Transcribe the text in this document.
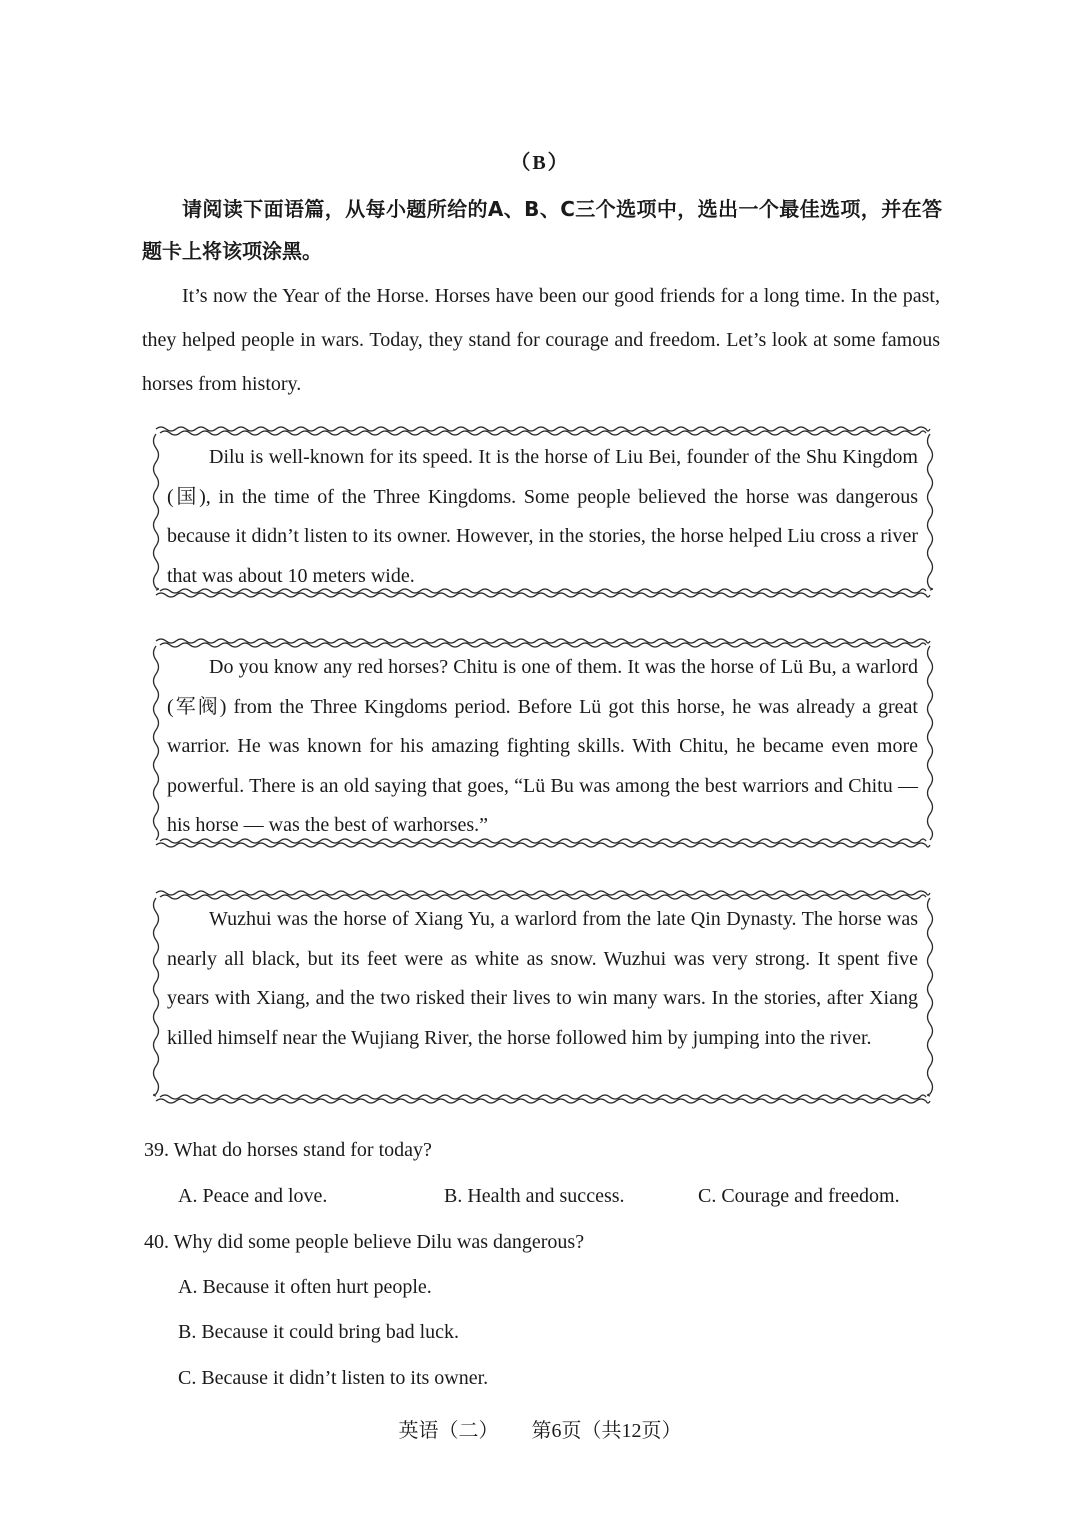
（B）
请阅读下面语篇，从每小题所给的A、B、C三个选项中，选出一个最佳选项，并在答题卡上将该项涂黑。
It’s now the Year of the Horse. Horses have been our good friends for a long time. In the past, they helped people in wars. Today, they stand for courage and freedom. Let’s look at some famous horses from history.
Dilu is well-known for its speed. It is the horse of Liu Bei, founder of the Shu Kingdom (国), in the time of the Three Kingdoms. Some people believed the horse was dangerous because it didn’t listen to its owner. However, in the stories, the horse helped Liu cross a river that was about 10 meters wide.
Do you know any red horses? Chitu is one of them. It was the horse of Lü Bu, a warlord (军阀) from the Three Kingdoms period. Before Lü got this horse, he was already a great warrior. He was known for his amazing fighting skills. With Chitu, he became even more powerful. There is an old saying that goes, “Lü Bu was among the best warriors and Chitu — his horse — was the best of warhorses.”
Wuzhui was the horse of Xiang Yu, a warlord from the late Qin Dynasty. The horse was nearly all black, but its feet were as white as snow. Wuzhui was very strong. It spent five years with Xiang, and the two risked their lives to win many wars. In the stories, after Xiang killed himself near the Wujiang River, the horse followed him by jumping into the river.
39. What do horses stand for today?
A. Peace and love.	B. Health and success.	C. Courage and freedom.
40. Why did some people believe Dilu was dangerous?
A. Because it often hurt people.
B. Because it could bring bad luck.
C. Because it didn’t listen to its owner.
英语（二） 第6页（共12页）
